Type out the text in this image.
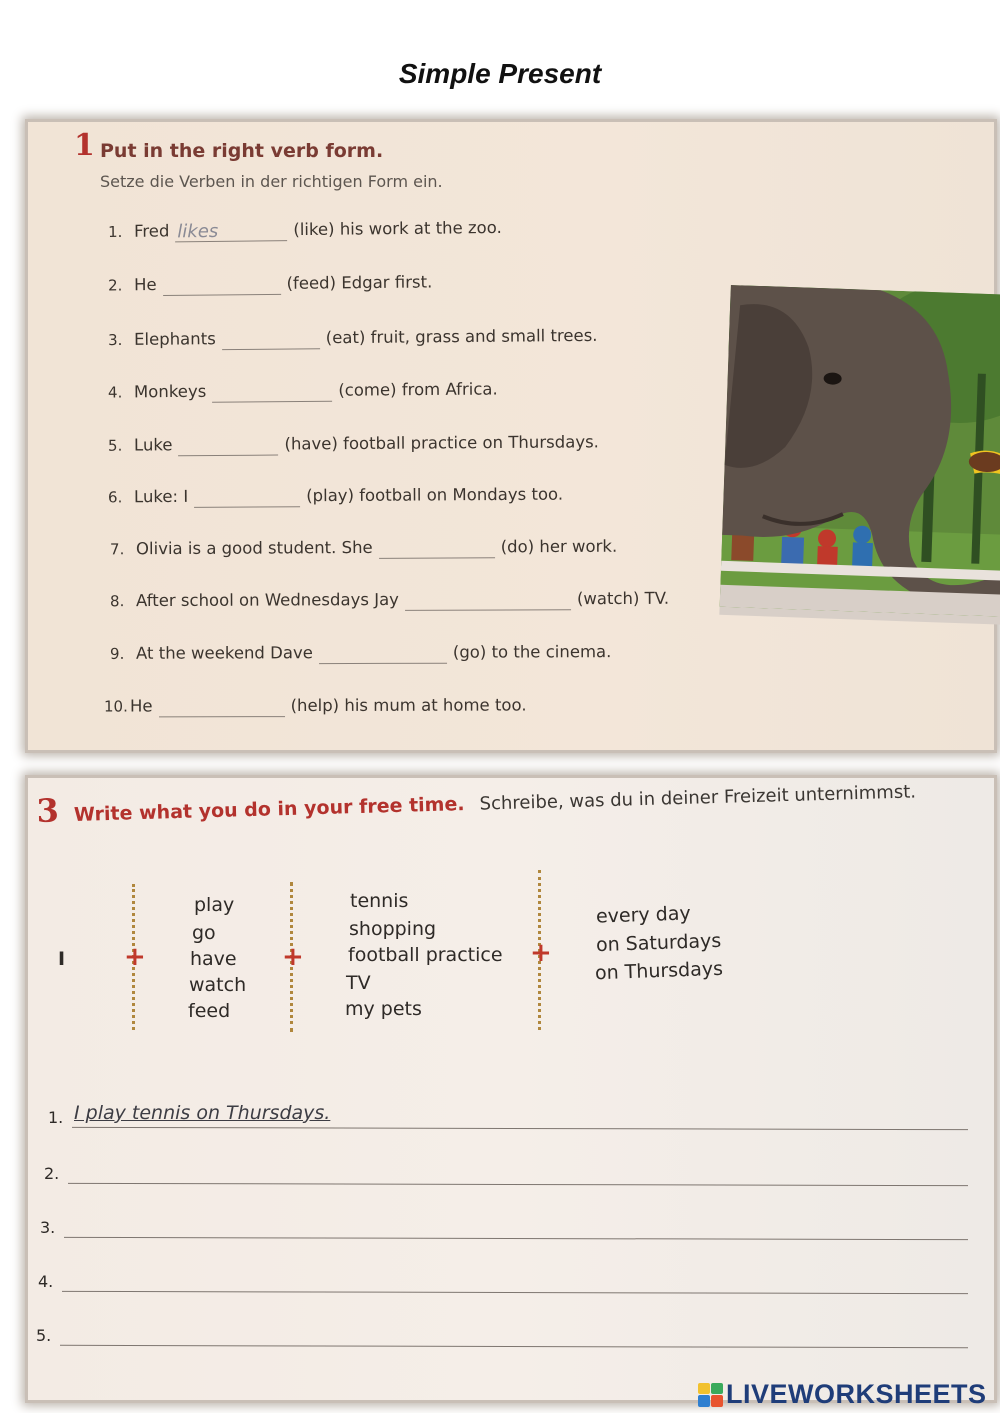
Simple Present
1 Put in the right verb form.
Setze die Verben in der richtigen Form ein.
1. Fred likes	(like) his work at the zoo.
2. He	(feed) Edgar first.
3. Elephants	(eat) fruit, grass and small trees.
4. Monkeys	(come) from Africa.
5. Luke	(have) football practice on Thursdays.
6. Luke: I	(play) football on Mondays too.
7. Olivia is a good student. She	(do) her work.
8. After school on Wednesdays Jay	(watch) TV.
9. At the weekend Dave	(go) to the cinema.
10. He	(help) his mum at home too.
3 Write what you do in your free time. Schreibe, was du in deiner Freizeit unternimmst.
I +
play
go
have
watch
feed
+
tennis
shopping
football practice
TV
my pets
+
every day
on Saturdays
on Thursdays
1. I play tennis on Thursdays.
2.
3.
4.
5.
LIVEWORKSHEETS
